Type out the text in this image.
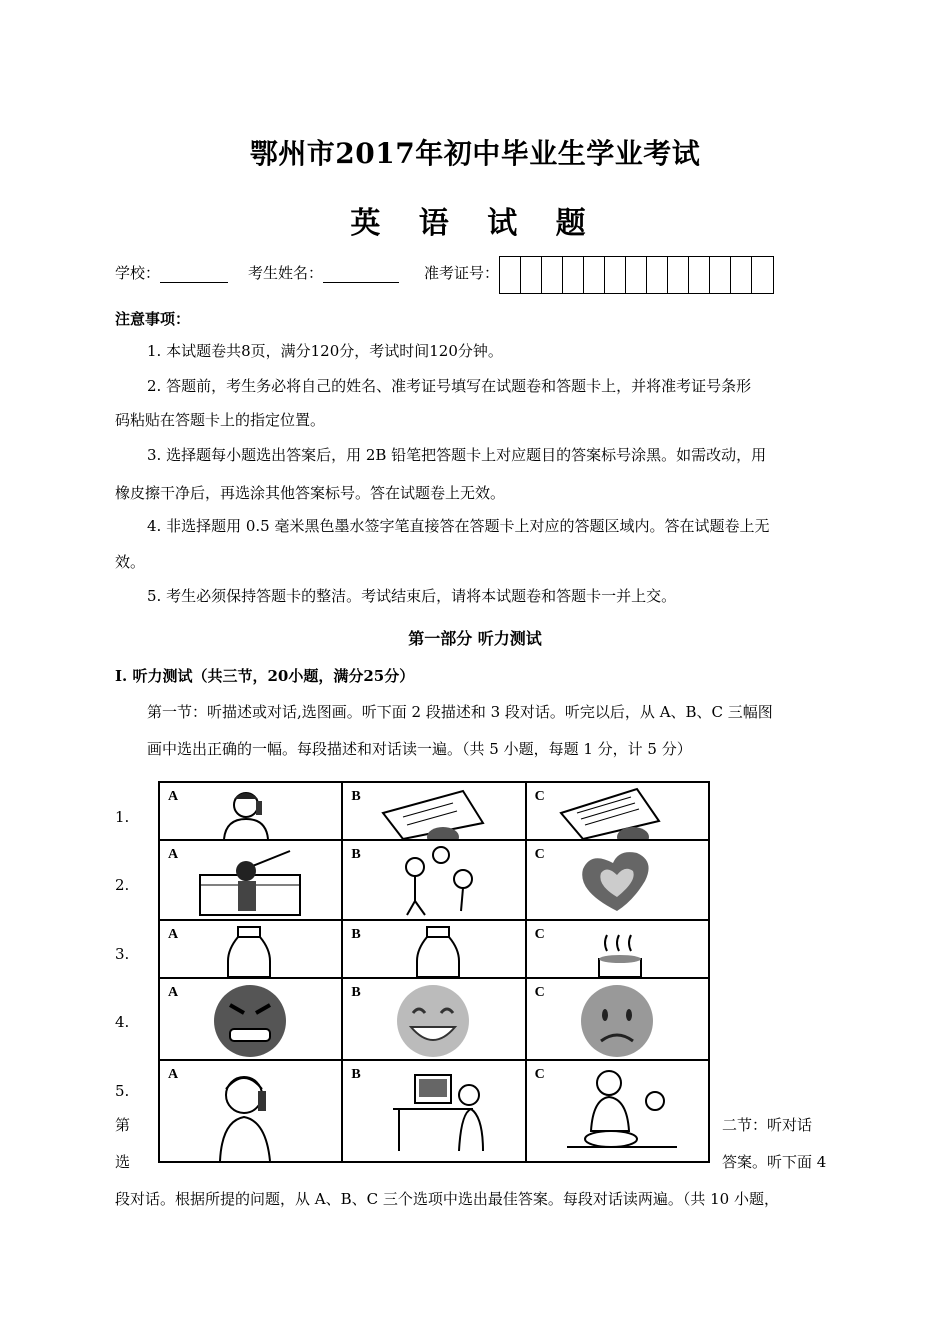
鄂州市2017年初中毕业生学业考试
英 语 试 题
学校：	考生姓名：	准考证号：
注意事项：
1. 本试题卷共8页，满分120分，考试时间120分钟。
2. 答题前，考生务必将自己的姓名、准考证号填写在试题卷和答题卡上，并将准考证号条形
码粘贴在答题卡上的指定位置。
3. 选择题每小题选出答案后，用 2B 铅笔把答题卡上对应题目的答案标号涂黑。如需改动，用
橡皮擦干净后，再选涂其他答案标号。答在试题卷上无效。
4. 非选择题用 0.5 毫米黑色墨水签字笔直接答在答题卡上对应的答题区域内。答在试题卷上无
效。
5. 考生必须保持答题卡的整洁。考试结束后，请将本试题卷和答题卡一并上交。
第一部分 听力测试
Ⅰ. 听力测试（共三节，20小题，满分25分）
第一节：听描述或对话,选图画。听下面 2 段描述和 3 段对话。听完以后，从 A、B、C 三幅图
画中选出正确的一幅。每段描述和对话读一遍。（共 5 小题，每题 1 分，计 5 分）
1.
2.
3.
4.
5.
A	B	C
A	B	C
A	B	C
A	B	C
A	B	C
第	二节：听对话
选	答案。听下面 4
段对话。根据所提的问题，从 A、B、C 三个选项中选出最佳答案。每段对话读两遍。（共 10 小题，
